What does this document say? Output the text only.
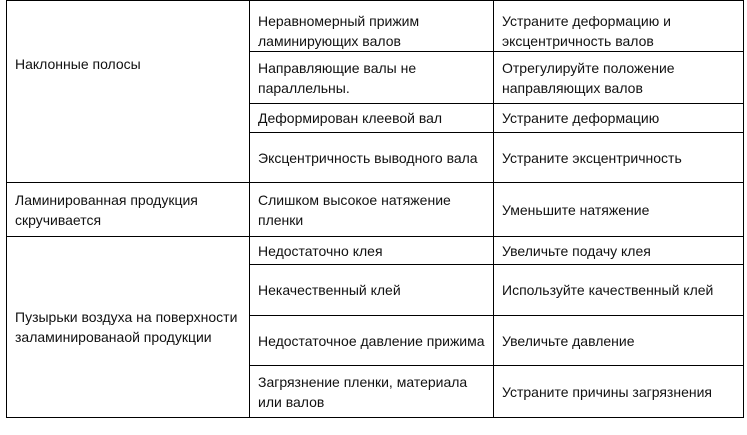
Наклонные полосы	Неравномерный прижим ламинирующих валов	Устраните деформацию и эксцентричность валов
	Направляющие валы не параллельны.	Отрегулируйте положение направляющих валов
	Деформирован клеевой вал	Устраните деформацию
	Эксцентричность выводного вала	Устраните эксцентричность
Ламинированная продукция скручивается	Слишком высокое натяжение пленки	Уменьшите натяжение
Пузырьки воздуха на поверхности заламинированаой продукции	Недостаточно клея	Увеличьте подачу клея
	Некачественный клей	Используйте качественный клей
	Недостаточное давление прижима	Увеличьте давление
	Загрязнение пленки, материала или валов	Устраните причины загрязнения
